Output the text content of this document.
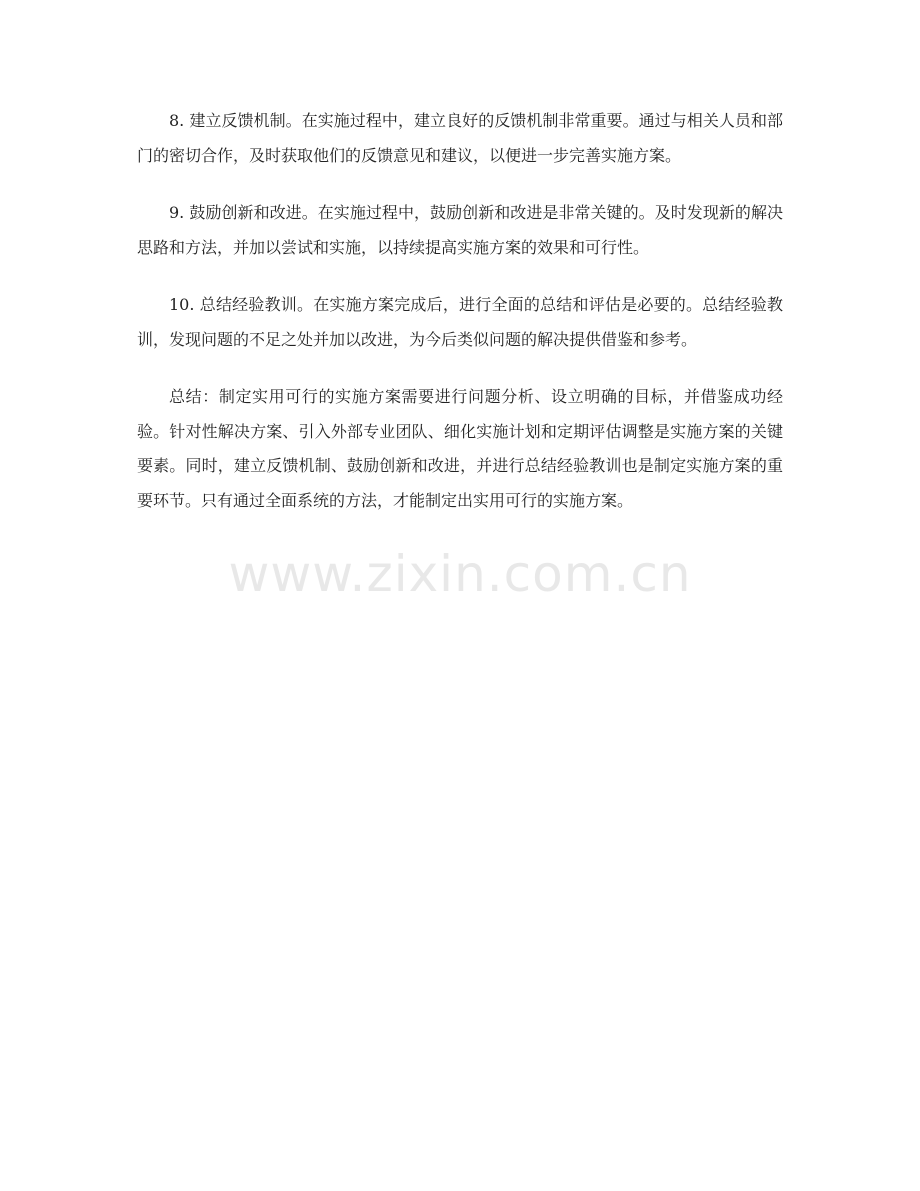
8. 建立反馈机制。在实施过程中，建立良好的反馈机制非常重要。通过与相关人员和部门的密切合作，及时获取他们的反馈意见和建议，以便进一步完善实施方案。

9. 鼓励创新和改进。在实施过程中，鼓励创新和改进是非常关键的。及时发现新的解决思路和方法，并加以尝试和实施，以持续提高实施方案的效果和可行性。

10. 总结经验教训。在实施方案完成后，进行全面的总结和评估是必要的。总结经验教训，发现问题的不足之处并加以改进，为今后类似问题的解决提供借鉴和参考。

总结：制定实用可行的实施方案需要进行问题分析、设立明确的目标，并借鉴成功经验。针对性解决方案、引入外部专业团队、细化实施计划和定期评估调整是实施方案的关键要素。同时，建立反馈机制、鼓励创新和改进，并进行总结经验教训也是制定实施方案的重要环节。只有通过全面系统的方法，才能制定出实用可行的实施方案。

www.zixin.com.cn
